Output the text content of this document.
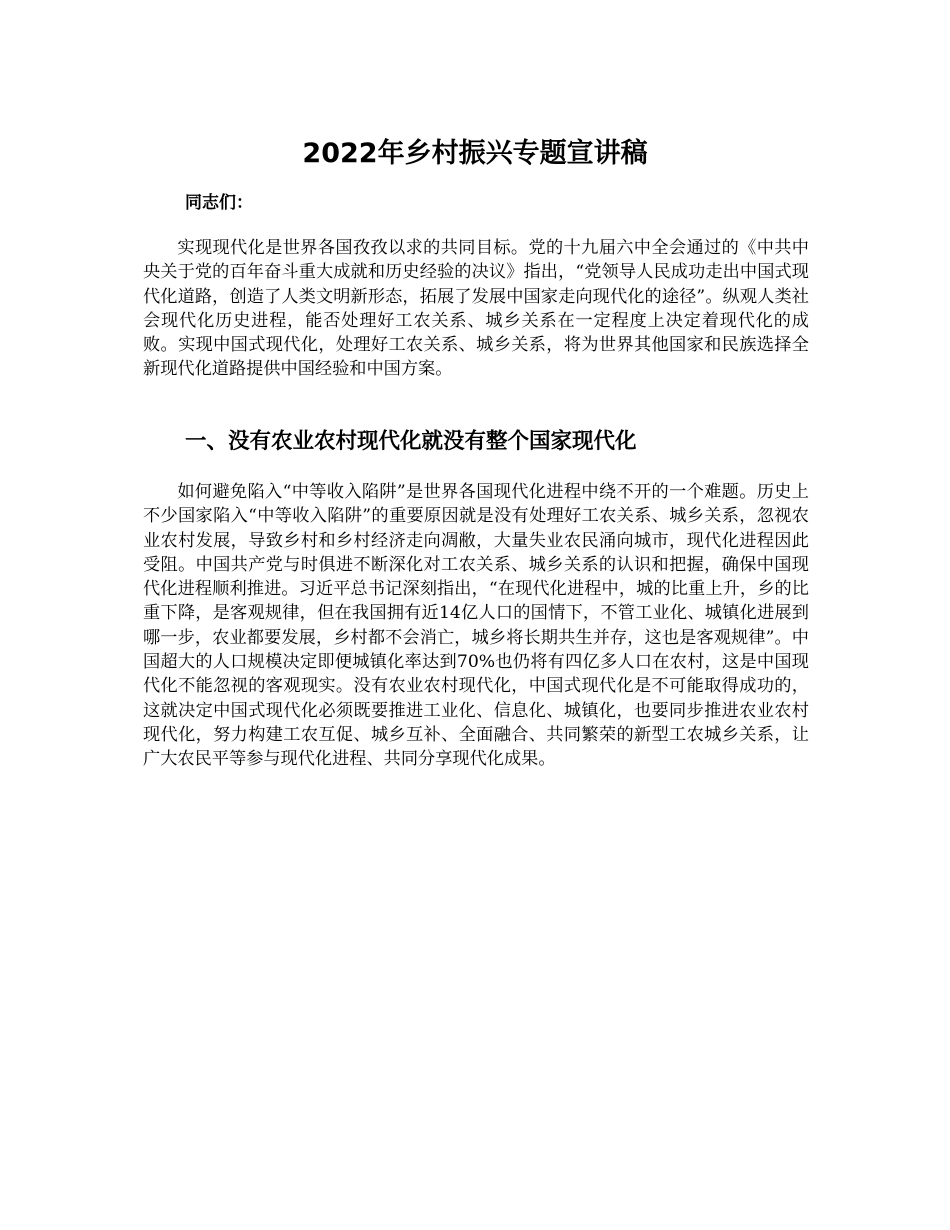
2022年乡村振兴专题宣讲稿

同志们：

实现现代化是世界各国孜孜以求的共同目标。党的十九届六中全会通过的《中共中央关于党的百年奋斗重大成就和历史经验的决议》指出，“党领导人民成功走出中国式现代化道路，创造了人类文明新形态，拓展了发展中国家走向现代化的途径”。纵观人类社会现代化历史进程，能否处理好工农关系、城乡关系在一定程度上决定着现代化的成败。实现中国式现代化，处理好工农关系、城乡关系，将为世界其他国家和民族选择全新现代化道路提供中国经验和中国方案。

一、没有农业农村现代化就没有整个国家现代化

如何避免陷入“中等收入陷阱”是世界各国现代化进程中绕不开的一个难题。历史上不少国家陷入“中等收入陷阱”的重要原因就是没有处理好工农关系、城乡关系，忽视农业农村发展，导致乡村和乡村经济走向凋敝，大量失业农民涌向城市，现代化进程因此受阻。中国共产党与时俱进不断深化对工农关系、城乡关系的认识和把握，确保中国现代化进程顺利推进。习近平总书记深刻指出，“在现代化进程中，城的比重上升，乡的比重下降，是客观规律，但在我国拥有近14亿人口的国情下，不管工业化、城镇化进展到哪一步，农业都要发展，乡村都不会消亡，城乡将长期共生并存，这也是客观规律”。中国超大的人口规模决定即便城镇化率达到70%也仍将有四亿多人口在农村，这是中国现代化不能忽视的客观现实。没有农业农村现代化，中国式现代化是不可能取得成功的，这就决定中国式现代化必须既要推进工业化、信息化、城镇化，也要同步推进农业农村现代化，努力构建工农互促、城乡互补、全面融合、共同繁荣的新型工农城乡关系，让广大农民平等参与现代化进程、共同分享现代化成果。
